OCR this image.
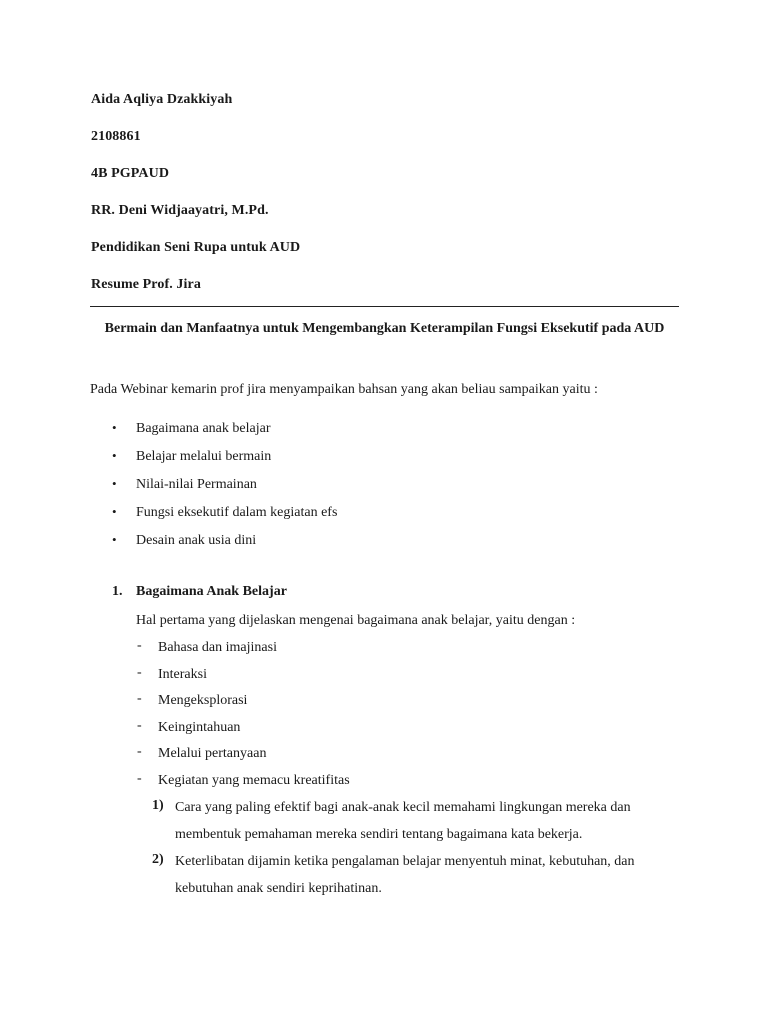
Aida Aqliya Dzakkiyah
2108861
4B PGPAUD
RR. Deni Widjaayatri, M.Pd.
Pendidikan Seni Rupa untuk AUD
Resume Prof. Jira
Bermain dan Manfaatnya untuk Mengembangkan Keterampilan Fungsi Eksekutif pada AUD
Pada Webinar kemarin prof jira menyampaikan bahsan yang akan beliau sampaikan yaitu :
• Bagaimana anak belajar
• Belajar melalui bermain
• Nilai-nilai Permainan
• Fungsi eksekutif dalam kegiatan efs
• Desain anak usia dini
1. Bagaimana Anak Belajar
Hal pertama yang dijelaskan mengenai bagaimana anak belajar, yaitu dengan :
- Bahasa dan imajinasi
- Interaksi
- Mengeksplorasi
- Keingintahuan
- Melalui pertanyaan
- Kegiatan yang memacu kreatifitas
1) Cara yang paling efektif bagi anak-anak kecil memahami lingkungan mereka dan
membentuk pemahaman mereka sendiri tentang bagaimana kata bekerja.
2) Keterlibatan dijamin ketika pengalaman belajar menyentuh minat, kebutuhan, dan
kebutuhan anak sendiri keprihatinan.
